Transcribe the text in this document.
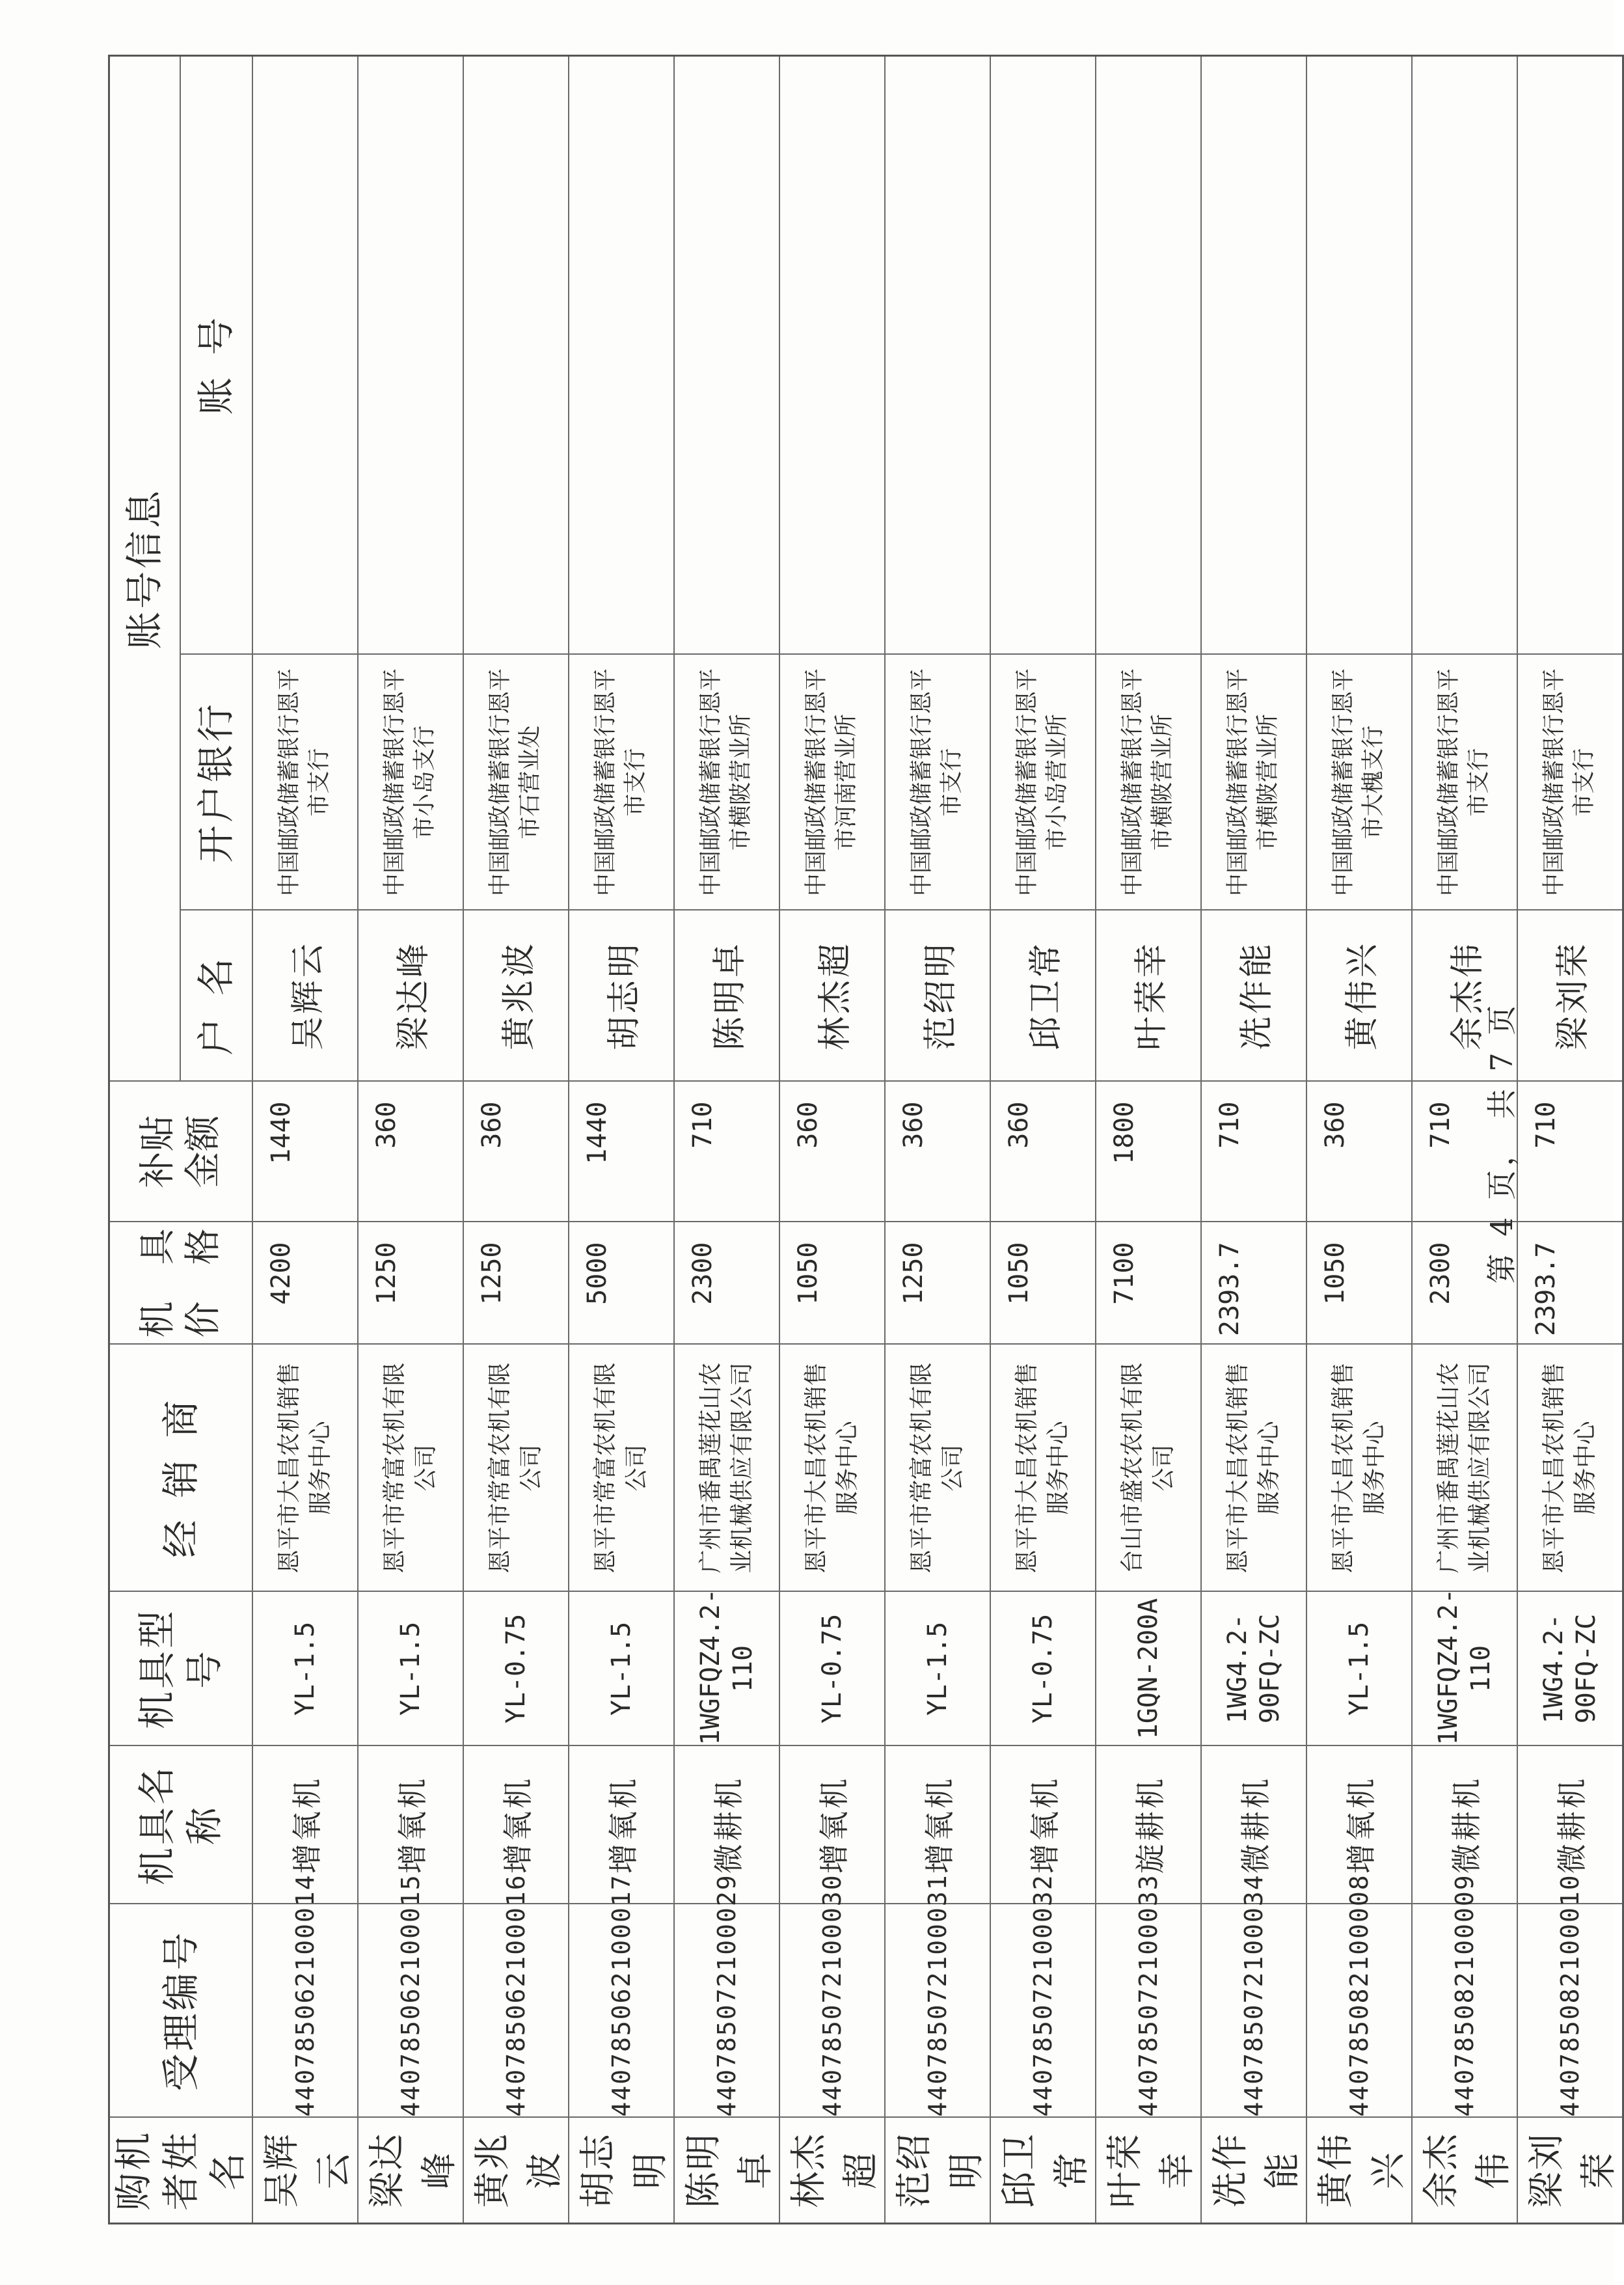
购机者姓　名	受理编号	机具名称	机具型号	经销商	机　具价　格	补贴金额	账号信息		
							户名	开户银行	账号
吴辉云	440785062100014	增氧机	YL-1.5	恩平市大昌农机销售服务中心	4200	1440	吴辉云	中国邮政储蓄银行恩平市支行	
梁达峰	440785062100015	增氧机	YL-1.5	恩平市常富农机有限公司	1250	360	梁达峰	中国邮政储蓄银行恩平市小岛支行	
黄兆波	440785062100016	增氧机	YL-0.75	恩平市常富农机有限公司	1250	360	黄兆波	中国邮政储蓄银行恩平市石营业处	
胡志明	440785062100017	增氧机	YL-1.5	恩平市常富农机有限公司	5000	1440	胡志明	中国邮政储蓄银行恩平市支行	
陈明卓	440785072100029	微耕机	1WGFQZ4.2-110	广州市番禺莲花山农业机械供应有限公司	2300	710	陈明卓	中国邮政储蓄银行恩平市横陂营业所	
林杰超	440785072100030	增氧机	YL-0.75	恩平市大昌农机销售服务中心	1050	360	林杰超	中国邮政储蓄银行恩平市河南营业所	
范绍明	440785072100031	增氧机	YL-1.5	恩平市常富农机有限公司	1250	360	范绍明	中国邮政储蓄银行恩平市支行	
邱卫常	440785072100032	增氧机	YL-0.75	恩平市大昌农机销售服务中心	1050	360	邱卫常	中国邮政储蓄银行恩平市小岛营业所	
叶荣幸	440785072100033	旋耕机	1GQN-200A	台山市盛农农机有限公司	7100	1800	叶荣幸	中国邮政储蓄银行恩平市横陂营业所	
冼作能	440785072100034	微耕机	1WG4.2-90FQ-ZC	恩平市大昌农机销售服务中心	2393.7	710	冼作能	中国邮政储蓄银行恩平市横陂营业所	
黄伟兴	440785082100008	增氧机	YL-1.5	恩平市大昌农机销售服务中心	1050	360	黄伟兴	中国邮政储蓄银行恩平市大槐支行	
余杰伟	440785082100009	微耕机	1WGFQZ4.2-110	广州市番禺莲花山农业机械供应有限公司	2300	710	余杰伟	中国邮政储蓄银行恩平市支行	
梁刘荣	440785082100010	微耕机	1WG4.2-90FQ-ZC	恩平市大昌农机销售服务中心	2393.7	710	梁刘荣	中国邮政储蓄银行恩平市支行	
第 4 页， 共 7 页
